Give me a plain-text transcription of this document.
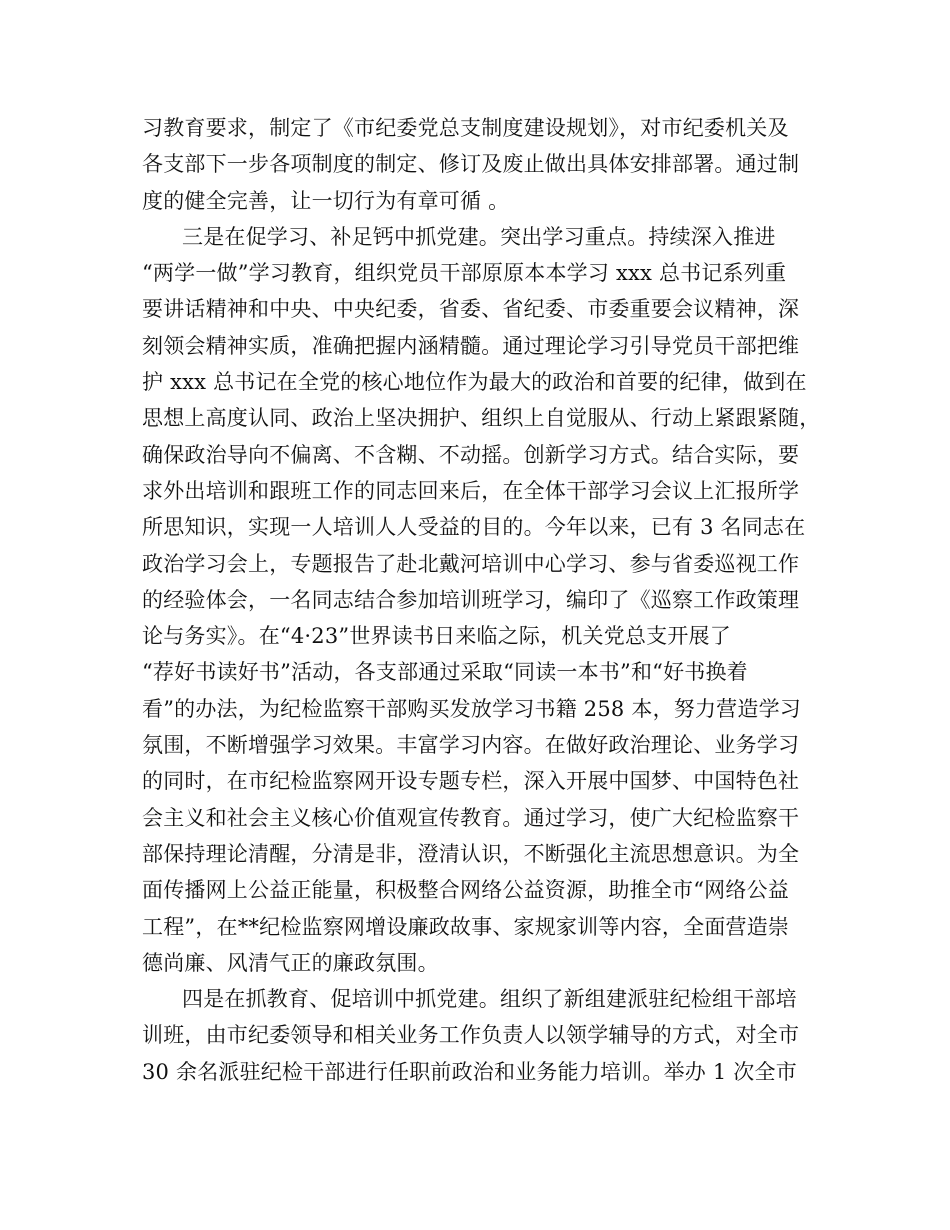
习教育要求，制定了《市纪委党总支制度建设规划》，对市纪委机关及
各支部下一步各项制度的制定、修订及废止做出具体安排部署。通过制
度的健全完善，让一切行为有章可循 。
三是在促学习、补足钙中抓党建。突出学习重点。持续深入推进
“两学一做”学习教育，组织党员干部原原本本学习 xxx 总书记系列重
要讲话精神和中央、中央纪委，省委、省纪委、市委重要会议精神，深
刻领会精神实质，准确把握内涵精髓。通过理论学习引导党员干部把维
护 xxx 总书记在全党的核心地位作为最大的政治和首要的纪律，做到在
思想上高度认同、政治上坚决拥护、组织上自觉服从、行动上紧跟紧随，
确保政治导向不偏离、不含糊、不动摇。创新学习方式。结合实际，要
求外出培训和跟班工作的同志回来后，在全体干部学习会议上汇报所学
所思知识，实现一人培训人人受益的目的。今年以来，已有 3 名同志在
政治学习会上，专题报告了赴北戴河培训中心学习、参与省委巡视工作
的经验体会，一名同志结合参加培训班学习，编印了《巡察工作政策理
论与务实》。在“4·23”世界读书日来临之际，机关党总支开展了
“荐好书读好书”活动，各支部通过采取“同读一本书”和“好书换着
看”的办法，为纪检监察干部购买发放学习书籍 258 本，努力营造学习
氛围，不断增强学习效果。丰富学习内容。在做好政治理论、业务学习
的同时，在市纪检监察网开设专题专栏，深入开展中国梦、中国特色社
会主义和社会主义核心价值观宣传教育。通过学习，使广大纪检监察干
部保持理论清醒，分清是非，澄清认识，不断强化主流思想意识。为全
面传播网上公益正能量，积极整合网络公益资源，助推全市“网络公益
工程”，在**纪检监察网增设廉政故事、家规家训等内容，全面营造崇
德尚廉、风清气正的廉政氛围。
四是在抓教育、促培训中抓党建。组织了新组建派驻纪检组干部培
训班，由市纪委领导和相关业务工作负责人以领学辅导的方式，对全市
30 余名派驻纪检干部进行任职前政治和业务能力培训。举办 1 次全市
